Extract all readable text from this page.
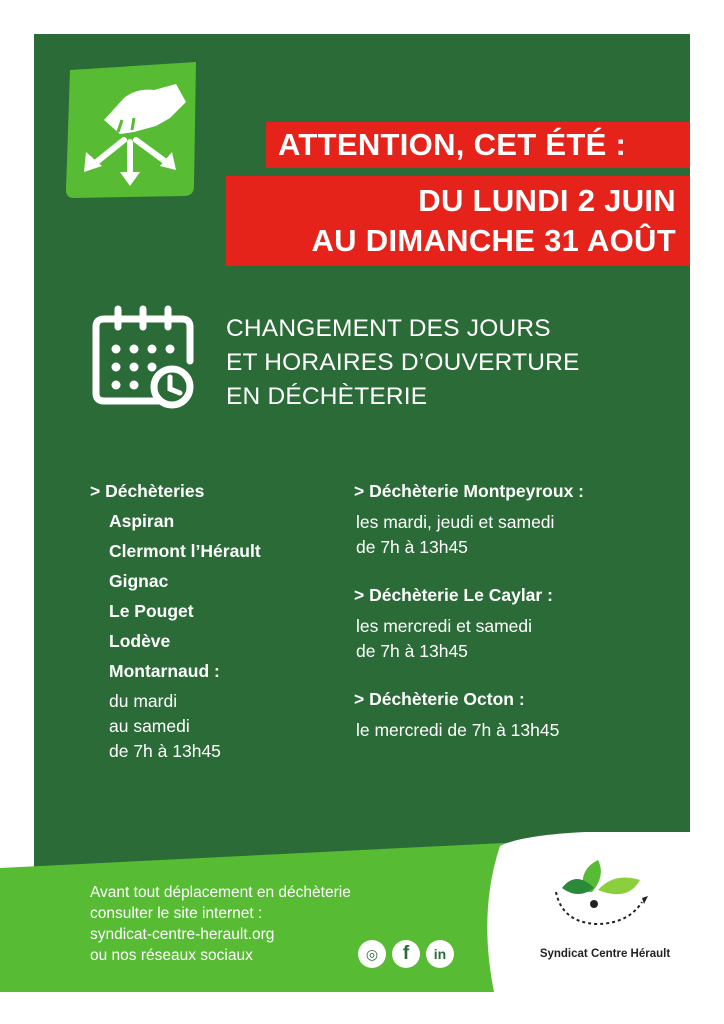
ATTENTION, CET ÉTÉ :
DU LUNDI 2 JUIN
AU DIMANCHE 31 AOÛT
CHANGEMENT DES JOURS
ET HORAIRES D’OUVERTURE
EN DÉCHÈTERIE
> Déchèteries
Aspiran
Clermont l’Hérault
Gignac
Le Pouget
Lodève
Montarnaud :
du mardi
au samedi
de 7h à 13h45
> Déchèterie Montpeyroux :
les mardi, jeudi et samedi
de 7h à 13h45
> Déchèterie Le Caylar :
les mercredi et samedi
de 7h à 13h45
> Déchèterie Octon :
le mercredi de 7h à 13h45
Avant tout déplacement en déchèterie
consulter le site internet :
syndicat-centre-herault.org
ou nos réseaux sociaux	◎	f	in	Syndicat Centre Hérault
